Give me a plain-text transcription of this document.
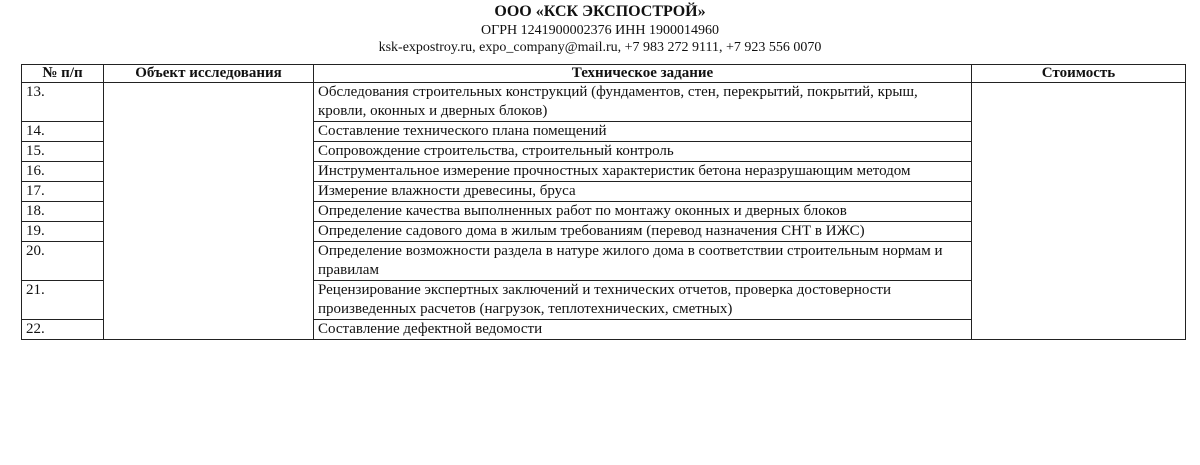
ООО «КСК ЭКСПОСТРОЙ»
ОГРН 1241900002376 ИНН 1900014960
ksk-expostroy.ru, expo_company@mail.ru, +7 983 272 9111, +7 923 556 0070
№ п/п	Объект исследования	Техническое задание	Стоимость
13.		Обследования строительных конструкций (фундаментов, стен, перекрытий, покрытий, крыш, кровли, оконных и дверных блоков)	
14.		Составление технического плана помещений	
15.		Сопровождение строительства, строительный контроль	
16.		Инструментальное измерение прочностных характеристик бетона неразрушающим методом	
17.		Измерение влажности древесины, бруса	
18.		Определение качества выполненных работ по монтажу оконных и дверных блоков	
19.		Определение садового дома в жилым требованиям (перевод назначения СНТ в ИЖС)	
20.		Определение возможности раздела в натуре жилого дома в соответствии строительным нормам и правилам	
21.		Рецензирование экспертных заключений и технических отчетов, проверка достоверности произведенных расчетов (нагрузок, теплотехнических, сметных)	
22.		Составление дефектной ведомости	
